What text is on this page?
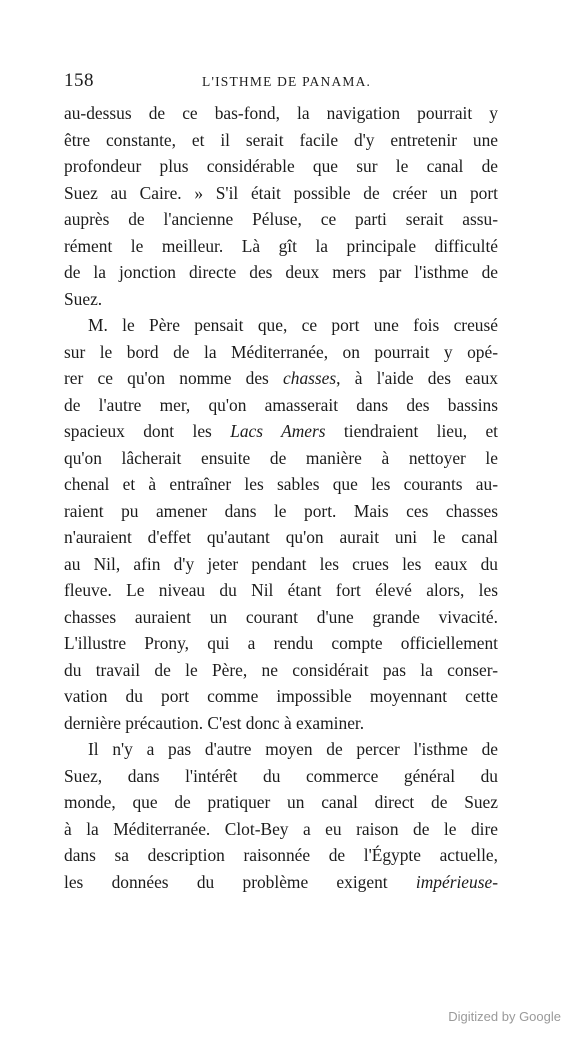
158	L'ISTHME DE PANAMA.
au-dessus de ce bas-fond, la navigation pourrait y
être constante, et il serait facile d'y entretenir une
profondeur plus considérable que sur le canal de
Suez au Caire. » S'il était possible de créer un port
auprès de l'ancienne Péluse, ce parti serait assu-
rément le meilleur. Là gît la principale difficulté
de la jonction directe des deux mers par l'isthme de
Suez.
M. le Père pensait que, ce port une fois creusé
sur le bord de la Méditerranée, on pourrait y opé-
rer ce qu'on nomme des chasses, à l'aide des eaux
de l'autre mer, qu'on amasserait dans des bassins
spacieux dont les Lacs Amers tiendraient lieu, et
qu'on lâcherait ensuite de manière à nettoyer le
chenal et à entraîner les sables que les courants au-
raient pu amener dans le port. Mais ces chasses
n'auraient d'effet qu'autant qu'on aurait uni le canal
au Nil, afin d'y jeter pendant les crues les eaux du
fleuve. Le niveau du Nil étant fort élevé alors, les
chasses auraient un courant d'une grande vivacité.
L'illustre Prony, qui a rendu compte officiellement
du travail de le Père, ne considérait pas la conser-
vation du port comme impossible moyennant cette
dernière précaution. C'est donc à examiner.
Il n'y a pas d'autre moyen de percer l'isthme de
Suez, dans l'intérêt du commerce général du
monde, que de pratiquer un canal direct de Suez
à la Méditerranée. Clot-Bey a eu raison de le dire
dans sa description raisonnée de l'Égypte actuelle,
les données du problème exigent impérieuse-
Digitized by Google
